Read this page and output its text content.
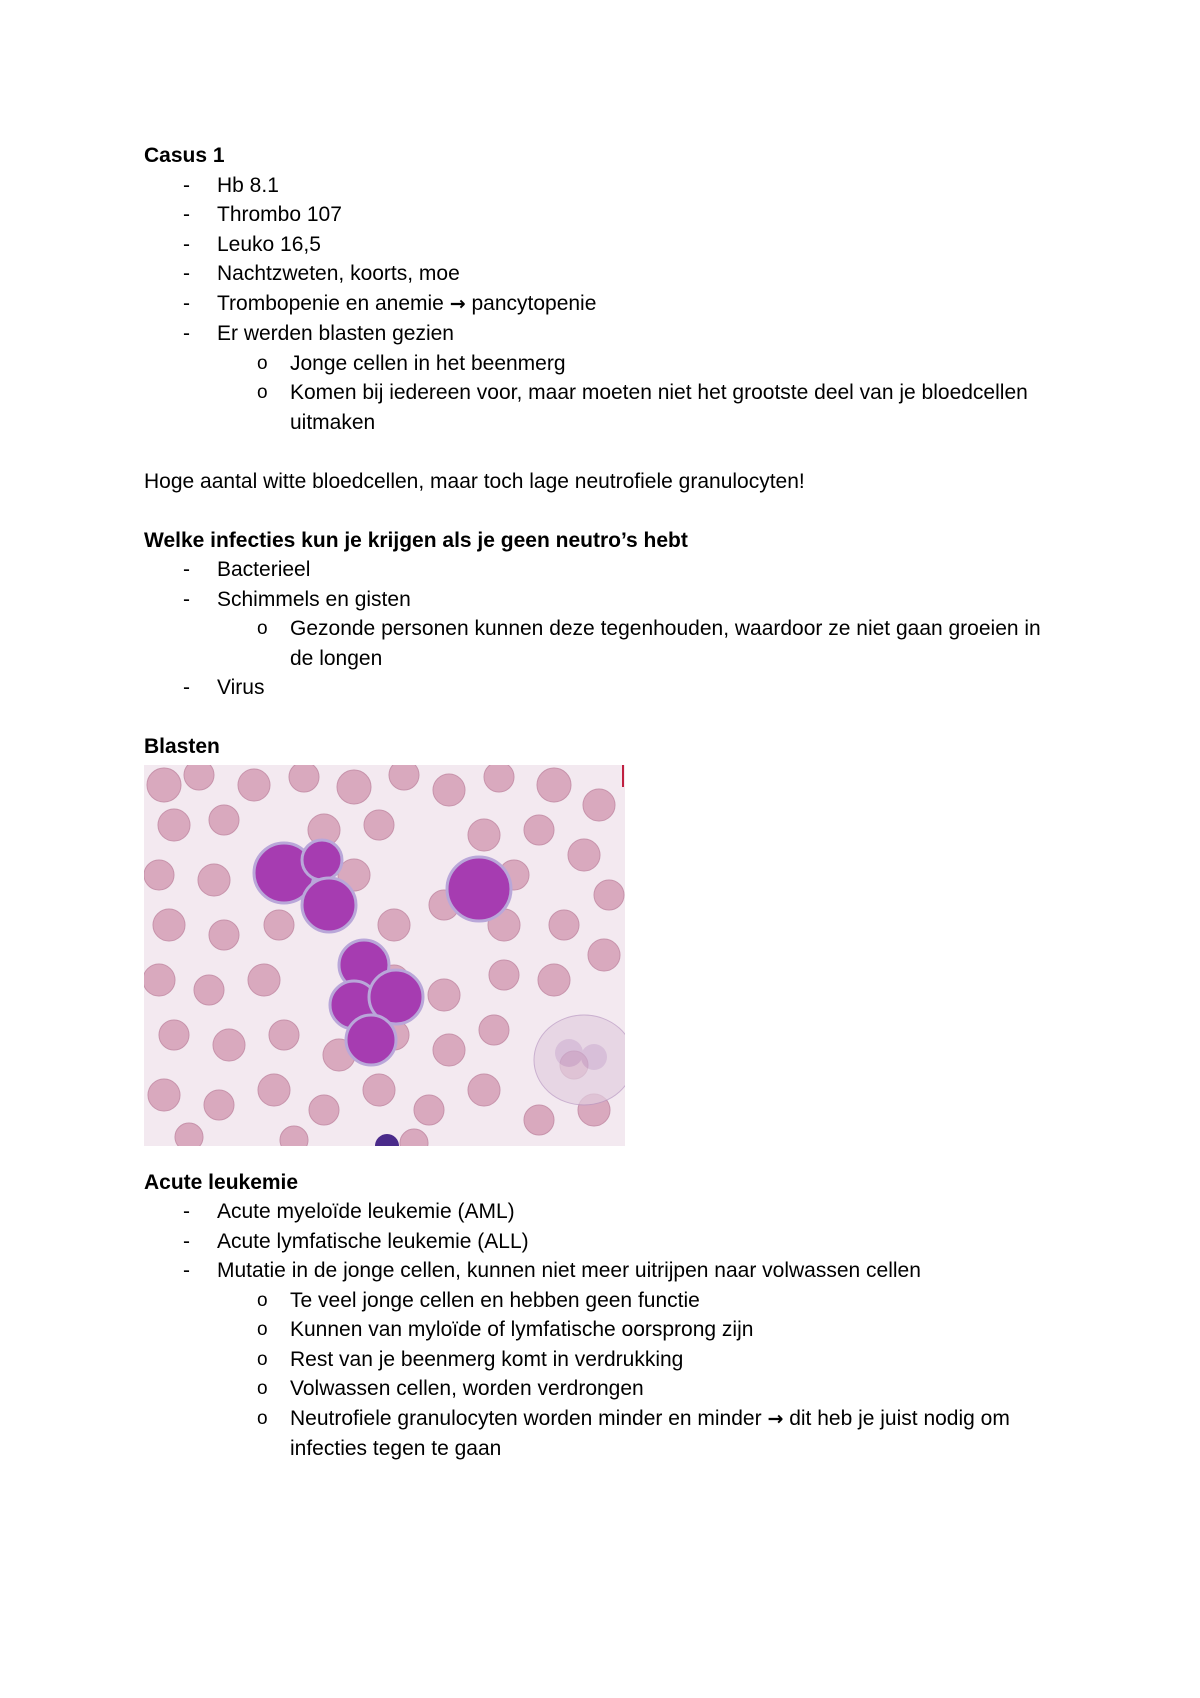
Casus 1

- Hb 8.1
- Thrombo 107
- Leuko 16,5
- Nachtzweten, koorts, moe
- Trombopenie en anemie → pancytopenie
- Er werden blasten gezien
o Jonge cellen in het beenmerg
o Komen bij iedereen voor, maar moeten niet het grootste deel van je bloedcellen uitmaken

Hoge aantal witte bloedcellen, maar toch lage neutrofiele granulocyten!

Welke infecties kun je krijgen als je geen neutro’s hebt

- Bacterieel
- Schimmels en gisten
o Gezonde personen kunnen deze tegenhouden, waardoor ze niet gaan groeien in de longen
- Virus

Blasten

Acute leukemie

- Acute myeloïde leukemie (AML)
- Acute lymfatische leukemie (ALL)
- Mutatie in de jonge cellen, kunnen niet meer uitrijpen naar volwassen cellen
o Te veel jonge cellen en hebben geen functie
o Kunnen van myloïde of lymfatische oorsprong zijn
o Rest van je beenmerg komt in verdrukking
o Volwassen cellen, worden verdrongen
o Neutrofiele granulocyten worden minder en minder → dit heb je juist nodig om infecties tegen te gaan
